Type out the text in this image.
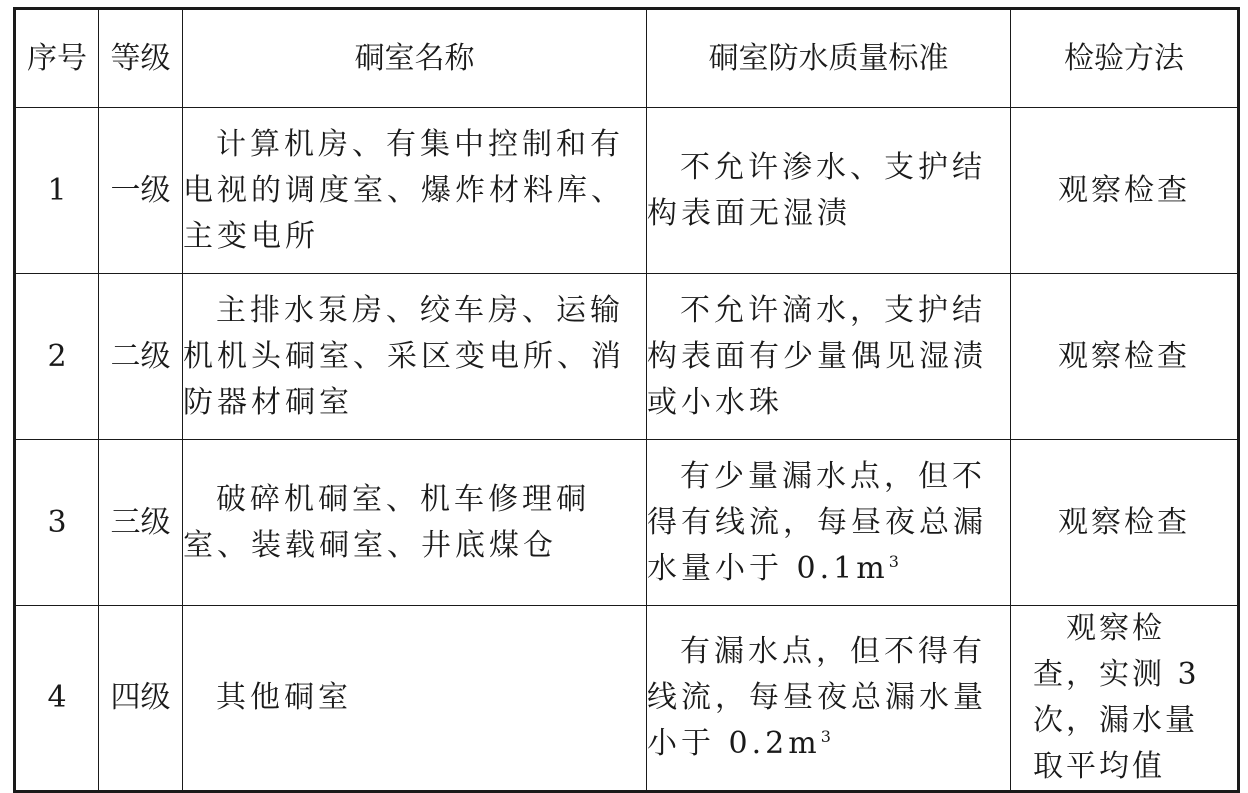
序号	等级	硐室名称	硐室防水质量标准	检验方法
1	一级	计算机房、有集中控制和有电视的调度室、爆炸材料库、主变电所	不允许渗水、支护结构表面无湿渍	观察检查
2	二级	主排水泵房、绞车房、运输机机头硐室、采区变电所、消防器材硐室	不允许滴水，支护结构表面有少量偶见湿渍或小水珠	观察检查
3	三级	破碎机硐室、机车修理硐室、装载硐室、井底煤仓	有少量漏水点，但不得有线流，每昼夜总漏水量小于 $0.1m^3$	观察检查
4	四级	其他硐室	有漏水点，但不得有线流，每昼夜总漏水量小于 $0.2m^3$	观察检查，实测 3 次，漏水量取平均值
